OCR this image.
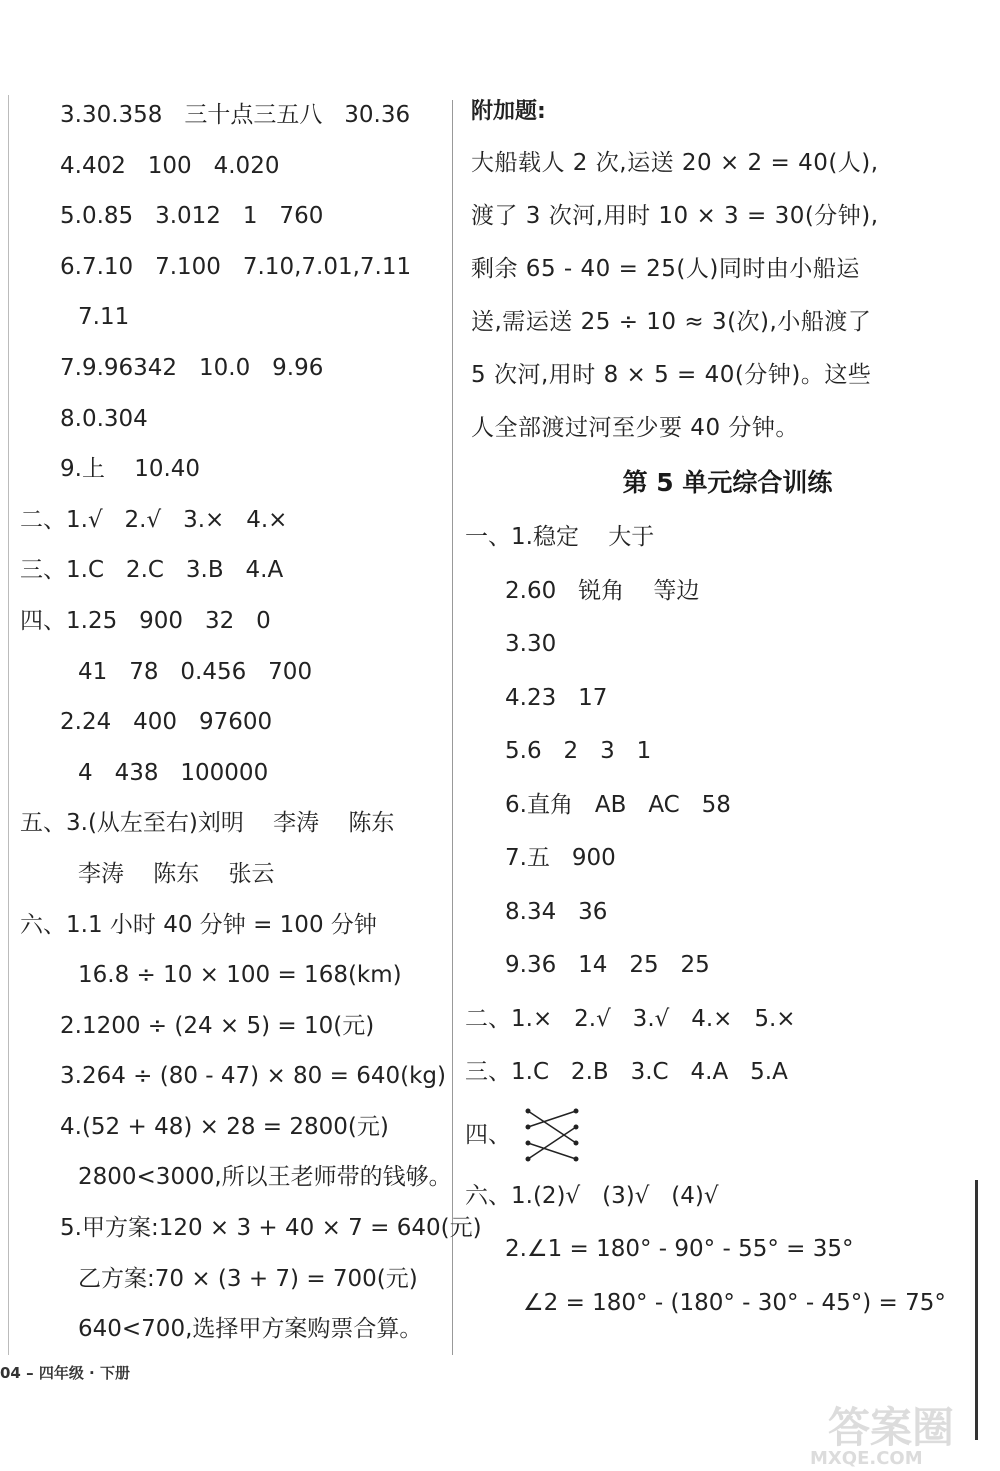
3.30.358   三十点三五八   30.36
4.402   100   4.020
5.0.85   3.012   1   760
6.7.10   7.100   7.10,7.01,7.11
7.11
7.9.96342   10.0   9.96
8.0.304
9.上    10.40
二、1.√   2.√   3.×   4.×
三、1.C   2.C   3.B   4.A
四、1.25   900   32   0
41   78   0.456   700
2.24   400   97600
4   438   100000
五、3.(从左至右)刘明    李涛    陈东
李涛    陈东    张云
六、1.1 小时 40 分钟 = 100 分钟
16.8 ÷ 10 × 100 = 168(km)
2.1200 ÷ (24 × 5) = 10(元)
3.264 ÷ (80 - 47) × 80 = 640(kg)
4.(52 + 48) × 28 = 2800(元)
2800<3000,所以王老师带的钱够。
5.甲方案:120 × 3 + 40 × 7 = 640(元)
乙方案:70 × (3 + 7) = 700(元)
640<700,选择甲方案购票合算。
附加题:
大船载人 2 次,运送 20 × 2 = 40(人),
渡了 3 次河,用时 10 × 3 = 30(分钟),
剩余 65 - 40 = 25(人)同时由小船运
送,需运送 25 ÷ 10 ≈ 3(次),小船渡了
5 次河,用时 8 × 5 = 40(分钟)。这些
人全部渡过河至少要 40 分钟。
第 5 单元综合训练
一、1.稳定    大于
2.60   锐角    等边
3.30
4.23   17
5.6   2   3   1
6.直角   AB   AC   58
7.五   900
8.34   36
9.36   14   25   25
二、1.×   2.√   3.√   4.×   5.×
三、1.C   2.B   3.C   4.A   5.A
四、
六、1.(2)√   (3)√   (4)√
2.∠1 = 180° - 90° - 55° = 35°
∠2 = 180° - (180° - 30° - 45°) = 75°
04 – 四年级 · 下册
答案圈
MXQE.COM
